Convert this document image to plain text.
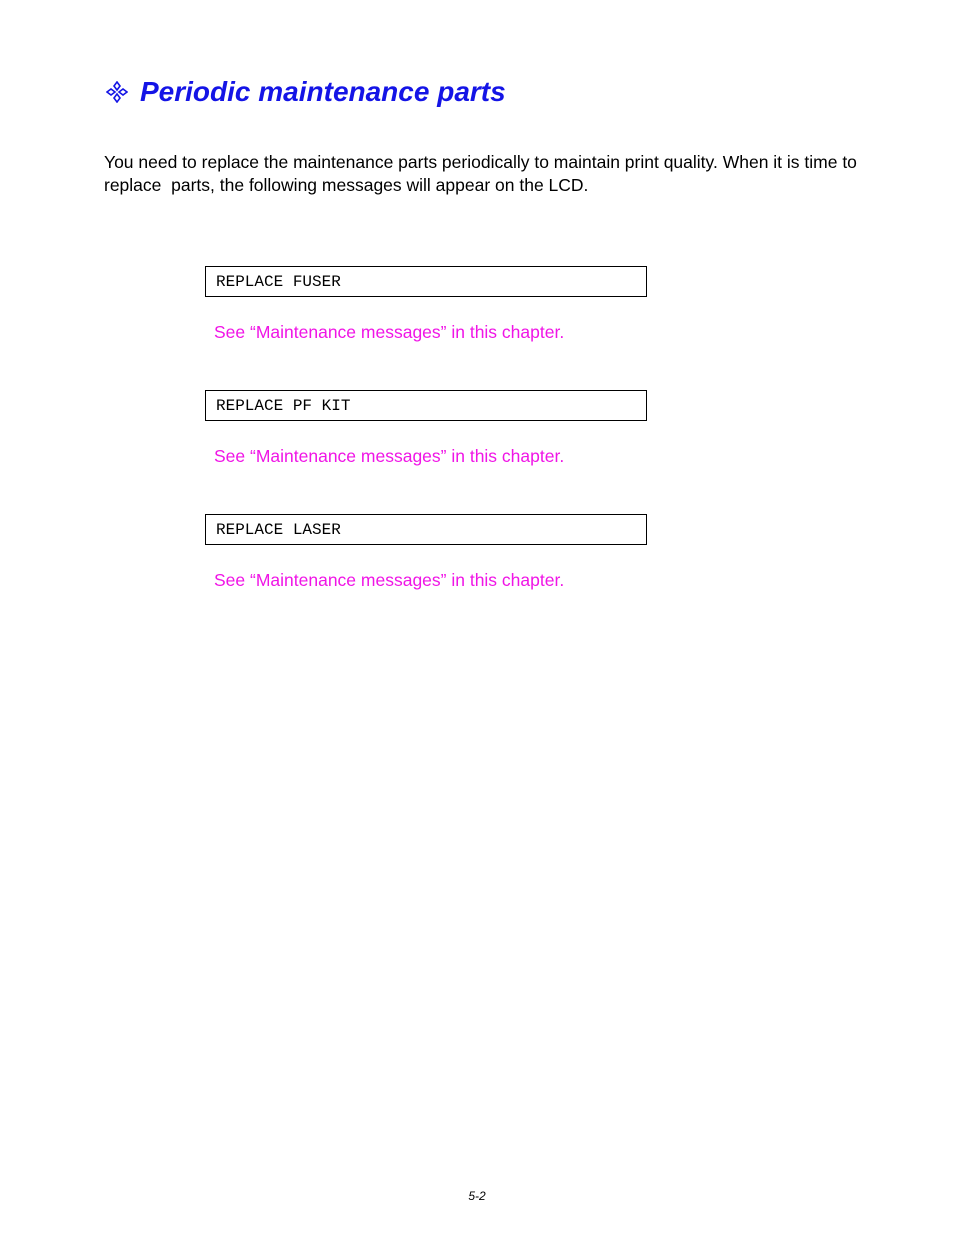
Periodic maintenance parts

You need to replace the maintenance parts periodically to maintain print quality. When it is time to replace  parts, the following messages will appear on the LCD.

REPLACE FUSER
See “Maintenance messages” in this chapter.
REPLACE PF KIT
See “Maintenance messages” in this chapter.
REPLACE LASER
See “Maintenance messages” in this chapter.
5-2
